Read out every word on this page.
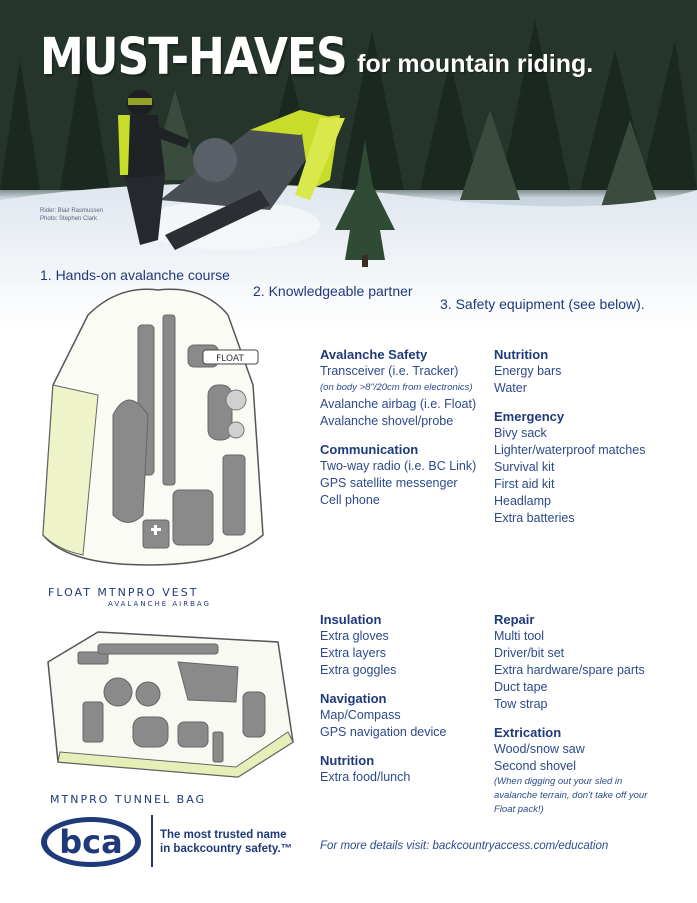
MUST-HAVES for mountain riding.
Rider: Blair Rasmussen
Photo: Stephen Clark
1. Hands-on avalanche course
2. Knowledgeable partner
3. Safety equipment (see below).
FLOAT
FLOAT MTNPRO VEST
AVALANCHE AIRBAG
Avalanche Safety
Transceiver (i.e. Tracker)
(on body >8"/20cm from electronics)
Avalanche airbag (i.e. Float)
Avalanche shovel/probe
Communication
Two-way radio (i.e. BC Link)
GPS satellite messenger
Cell phone
Nutrition
Energy bars
Water
Emergency
Bivy sack
Lighter/waterproof matches
Survival kit
First aid kit
Headlamp
Extra batteries
MTNPRO TUNNEL BAG
Insulation
Extra gloves
Extra layers
Extra goggles
Navigation
Map/Compass
GPS navigation device
Nutrition
Extra food/lunch
Repair
Multi tool
Driver/bit set
Extra hardware/spare parts
Duct tape
Tow strap
Extrication
Wood/snow saw
Second shovel
(When digging out your sled in avalanche terrain, don't take off your Float pack!)
bca	The most trusted name
in backcountry safety.™ For more details visit: backcountryaccess.com/education
